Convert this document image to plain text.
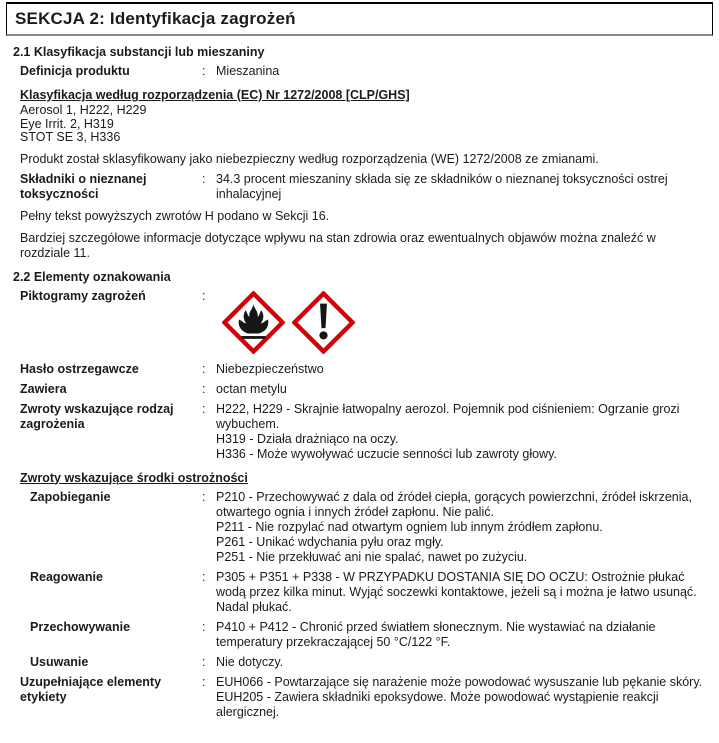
SEKCJA 2: Identyfikacja zagrożeń
2.1 Klasyfikacja substancji lub mieszaniny
Definicja produktu :	Mieszanina
Klasyfikacja według rozporządzenia (EC) Nr 1272/2008 [CLP/GHS]
Aerosol 1, H222, H229
Eye Irrit. 2, H319
STOT SE 3, H336

Produkt został sklasyfikowany jako niebezpieczny według rozporządzenia (WE) 1272/2008 ze zmianami.

Składniki o nieznanej toksyczności
:
34.3 procent mieszaniny składa się ze składników o nieznanej toksyczności ostrej inhalacyjnej

Pełny tekst powyższych zwrotów H podano w Sekcji 16.

Bardziej szczegółowe informacje dotyczące wpływu na stan zdrowia oraz ewentualnych objawów można znaleźć w rozdziale 11.

2.2 Elementy oznakowania
Piktogramy zagrożeń
:
Hasło ostrzegawcze :	Niebezpieczeństwo
Zawiera :	octan metylu
Zwroty wskazujące rodzaj zagrożenia
:
H222, H229 - Skrajnie łatwopalny aerozol. Pojemnik pod ciśnieniem: Ogrzanie grozi wybuchem.
H319 - Działa drażniąco na oczy.
H336 - Może wywoływać uczucie senności lub zawroty głowy.
Zwroty wskazujące środki ostrożności
Zapobieganie :	P210 - Przechowywać z dala od źródeł ciepła, gorących powierzchni, źródeł iskrzenia, otwartego ognia i innych źródeł zapłonu. Nie palić.
P211 - Nie rozpylać nad otwartym ogniem lub innym źródłem zapłonu.
P261 - Unikać wdychania pyłu oraz mgły.
P251 - Nie przekłuwać ani nie spalać, nawet po zużyciu.
Reagowanie :	P305 + P351 + P338 - W PRZYPADKU DOSTANIA SIĘ DO OCZU: Ostrożnie płukać wodą przez kilka minut. Wyjąć soczewki kontaktowe, jeżeli są i można je łatwo usunąć. Nadal płukać.
Przechowywanie :	P410 + P412 - Chronić przed światłem słonecznym. Nie wystawiać na działanie temperatury przekraczającej 50 °C/122 °F.
Usuwanie :	Nie dotyczy.
Uzupełniające elementy etykiety
:
EUH066 - Powtarzające się narażenie może powodować wysuszanie lub pękanie skóry.
EUH205 - Zawiera składniki epoksydowe. Może powodować wystąpienie reakcji alergicznej.
